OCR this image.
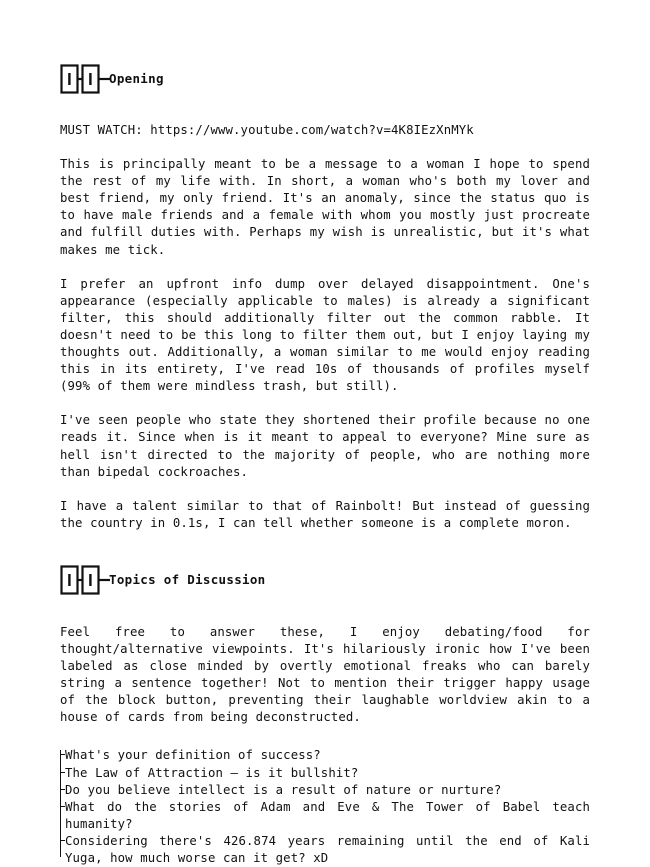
Opening

MUST WATCH: https://www.youtube.com/watch?v=4K8IEzXnMYk

This is principally meant to be a message to a woman I hope to spend the rest of my life with. In short, a woman who's both my lover and best friend, my only friend. It's an anomaly, since the status quo is to have male friends and a female with whom you mostly just procreate and fulfill duties with. Perhaps my wish is unrealistic, but it's what makes me tick.

I prefer an upfront info dump over delayed disappointment. One's appearance (especially applicable to males) is already a significant filter, this should additionally filter out the common rabble. It doesn't need to be this long to filter them out, but I enjoy laying my thoughts out. Additionally, a woman similar to me would enjoy reading this in its entirety, I've read 10s of thousands of profiles myself (99% of them were mindless trash, but still).

I've seen people who state they shortened their profile because no one reads it. Since when is it meant to appeal to everyone? Mine sure as hell isn't directed to the majority of people, who are nothing more than bipedal cockroaches.

I have a talent similar to that of Rainbolt! But instead of guessing the country in 0.1s, I can tell whether someone is a complete moron.

Topics of Discussion

Feel free to answer these, I enjoy debating/food for thought/alternative viewpoints. It's hilariously ironic how I've been labeled as close minded by overtly emotional freaks who can barely string a sentence together! Not to mention their trigger happy usage of the block button, preventing their laughable worldview akin to a house of cards from being deconstructed.

What's your definition of success?

The Law of Attraction – is it bullshit?

Do you believe intellect is a result of nature or nurture?

What do the stories of Adam and Eve & The Tower of Babel teach humanity?

Considering there's 426.874 years remaining until the end of Kali Yuga, how much worse can it get? xD
